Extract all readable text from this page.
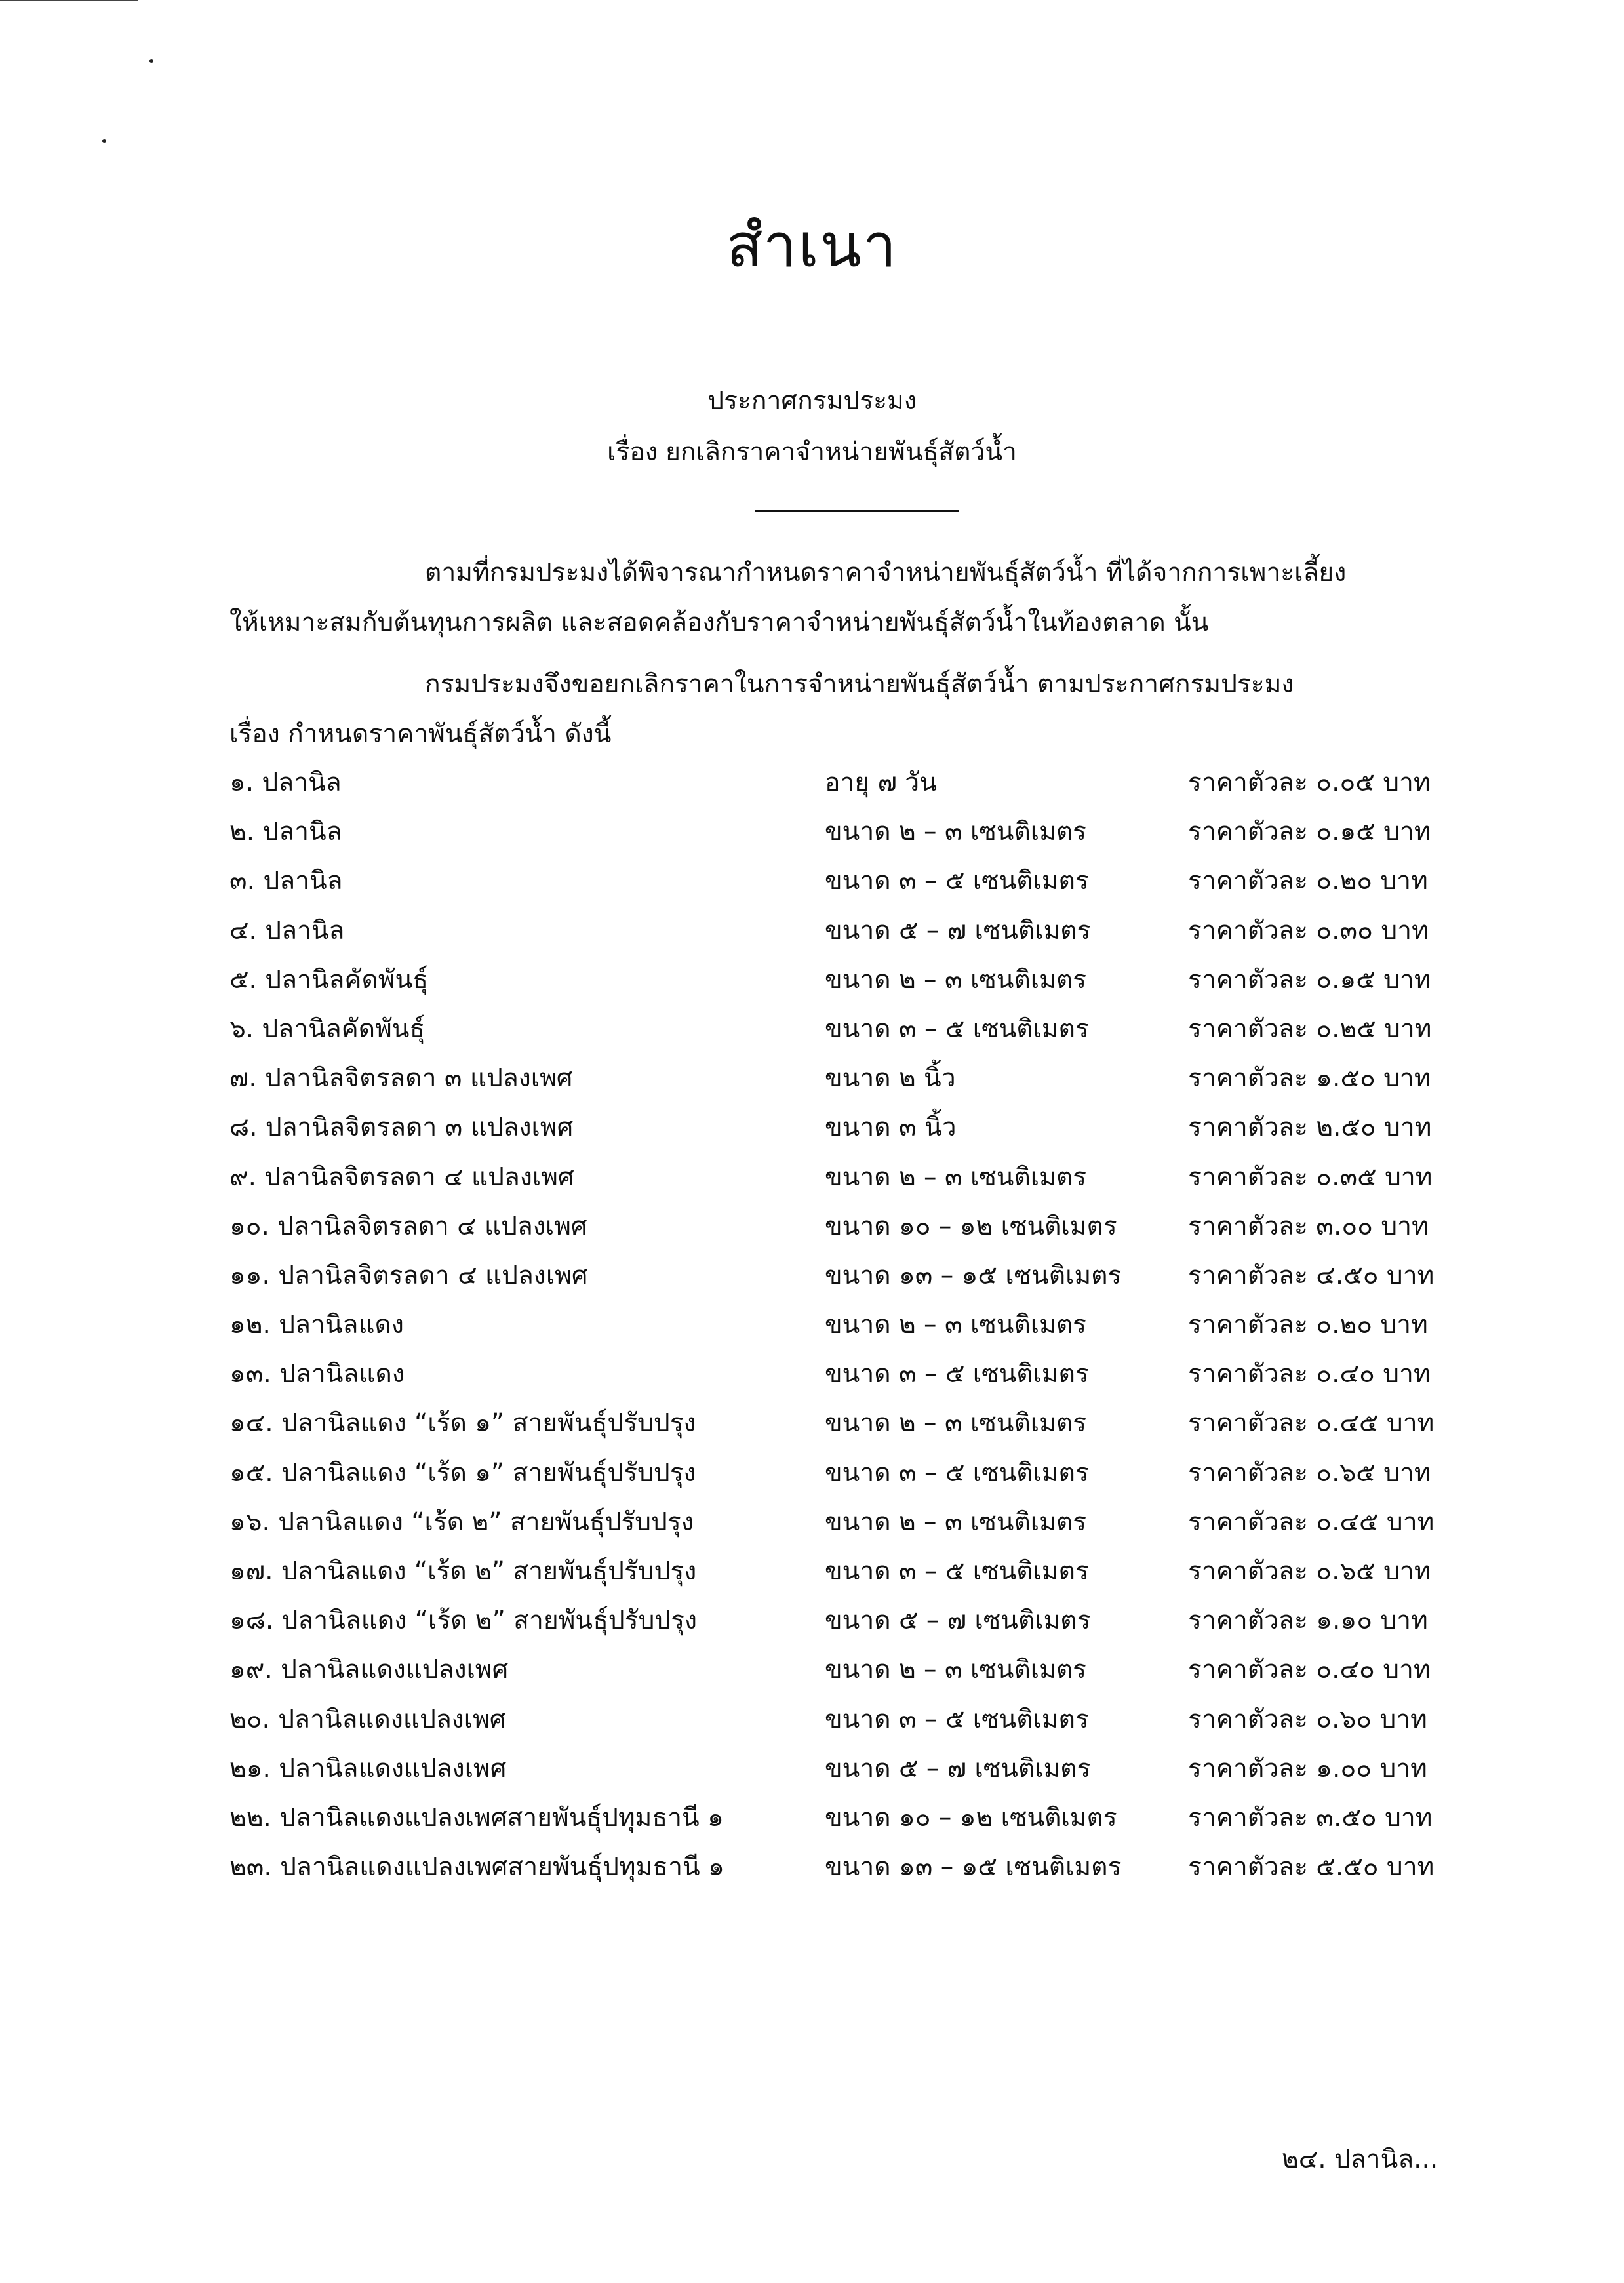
สำเนา
ประกาศกรมประมง
เรื่อง ยกเลิกราคาจำหน่ายพันธุ์สัตว์น้ำ
ตามที่กรมประมงได้พิจารณากำหนดราคาจำหน่ายพันธุ์สัตว์น้ำ ที่ได้จากการเพาะเลี้ยง
ให้เหมาะสมกับต้นทุนการผลิต และสอดคล้องกับราคาจำหน่ายพันธุ์สัตว์น้ำในท้องตลาด นั้น
กรมประมงจึงขอยกเลิกราคาในการจำหน่ายพันธุ์สัตว์น้ำ ตามประกาศกรมประมง
เรื่อง กำหนดราคาพันธุ์สัตว์น้ำ ดังนี้
๑. ปลานิล	อายุ ๗ วัน	ราคาตัวละ ๐.๐๕ บาท
๒. ปลานิล	ขนาด ๒ – ๓ เซนติเมตร	ราคาตัวละ ๐.๑๕ บาท
๓. ปลานิล	ขนาด ๓ – ๕ เซนติเมตร	ราคาตัวละ ๐.๒๐ บาท
๔. ปลานิล	ขนาด ๕ – ๗ เซนติเมตร	ราคาตัวละ ๐.๓๐ บาท
๕. ปลานิลคัดพันธุ์	ขนาด ๒ – ๓ เซนติเมตร	ราคาตัวละ ๐.๑๕ บาท
๖. ปลานิลคัดพันธุ์	ขนาด ๓ – ๕ เซนติเมตร	ราคาตัวละ ๐.๒๕ บาท
๗. ปลานิลจิตรลดา ๓ แปลงเพศ	ขนาด ๒ นิ้ว	ราคาตัวละ ๑.๕๐ บาท
๘. ปลานิลจิตรลดา ๓ แปลงเพศ	ขนาด ๓ นิ้ว	ราคาตัวละ ๒.๕๐ บาท
๙. ปลานิลจิตรลดา ๔ แปลงเพศ	ขนาด ๒ – ๓ เซนติเมตร	ราคาตัวละ ๐.๓๕ บาท
๑๐. ปลานิลจิตรลดา ๔ แปลงเพศ	ขนาด ๑๐ – ๑๒ เซนติเมตร	ราคาตัวละ ๓.๐๐ บาท
๑๑. ปลานิลจิตรลดา ๔ แปลงเพศ	ขนาด ๑๓ – ๑๕ เซนติเมตร	ราคาตัวละ ๔.๕๐ บาท
๑๒. ปลานิลแดง	ขนาด ๒ – ๓ เซนติเมตร	ราคาตัวละ ๐.๒๐ บาท
๑๓. ปลานิลแดง	ขนาด ๓ – ๕ เซนติเมตร	ราคาตัวละ ๐.๔๐ บาท
๑๔. ปลานิลแดง “เร้ด ๑” สายพันธุ์ปรับปรุง	ขนาด ๒ – ๓ เซนติเมตร	ราคาตัวละ ๐.๔๕ บาท
๑๕. ปลานิลแดง “เร้ด ๑” สายพันธุ์ปรับปรุง	ขนาด ๓ – ๕ เซนติเมตร	ราคาตัวละ ๐.๖๕ บาท
๑๖. ปลานิลแดง “เร้ด ๒” สายพันธุ์ปรับปรุง	ขนาด ๒ – ๓ เซนติเมตร	ราคาตัวละ ๐.๔๕ บาท
๑๗. ปลานิลแดง “เร้ด ๒” สายพันธุ์ปรับปรุง	ขนาด ๓ – ๕ เซนติเมตร	ราคาตัวละ ๐.๖๕ บาท
๑๘. ปลานิลแดง “เร้ด ๒” สายพันธุ์ปรับปรุง	ขนาด ๕ – ๗ เซนติเมตร	ราคาตัวละ ๑.๑๐ บาท
๑๙. ปลานิลแดงแปลงเพศ	ขนาด ๒ – ๓ เซนติเมตร	ราคาตัวละ ๐.๔๐ บาท
๒๐. ปลานิลแดงแปลงเพศ	ขนาด ๓ – ๕ เซนติเมตร	ราคาตัวละ ๐.๖๐ บาท
๒๑. ปลานิลแดงแปลงเพศ	ขนาด ๕ – ๗ เซนติเมตร	ราคาตัวละ ๑.๐๐ บาท
๒๒. ปลานิลแดงแปลงเพศสายพันธุ์ปทุมธานี ๑	ขนาด ๑๐ – ๑๒ เซนติเมตร	ราคาตัวละ ๓.๕๐ บาท
๒๓. ปลานิลแดงแปลงเพศสายพันธุ์ปทุมธานี ๑	ขนาด ๑๓ – ๑๕ เซนติเมตร	ราคาตัวละ ๕.๕๐ บาท
๒๔. ปลานิล...
